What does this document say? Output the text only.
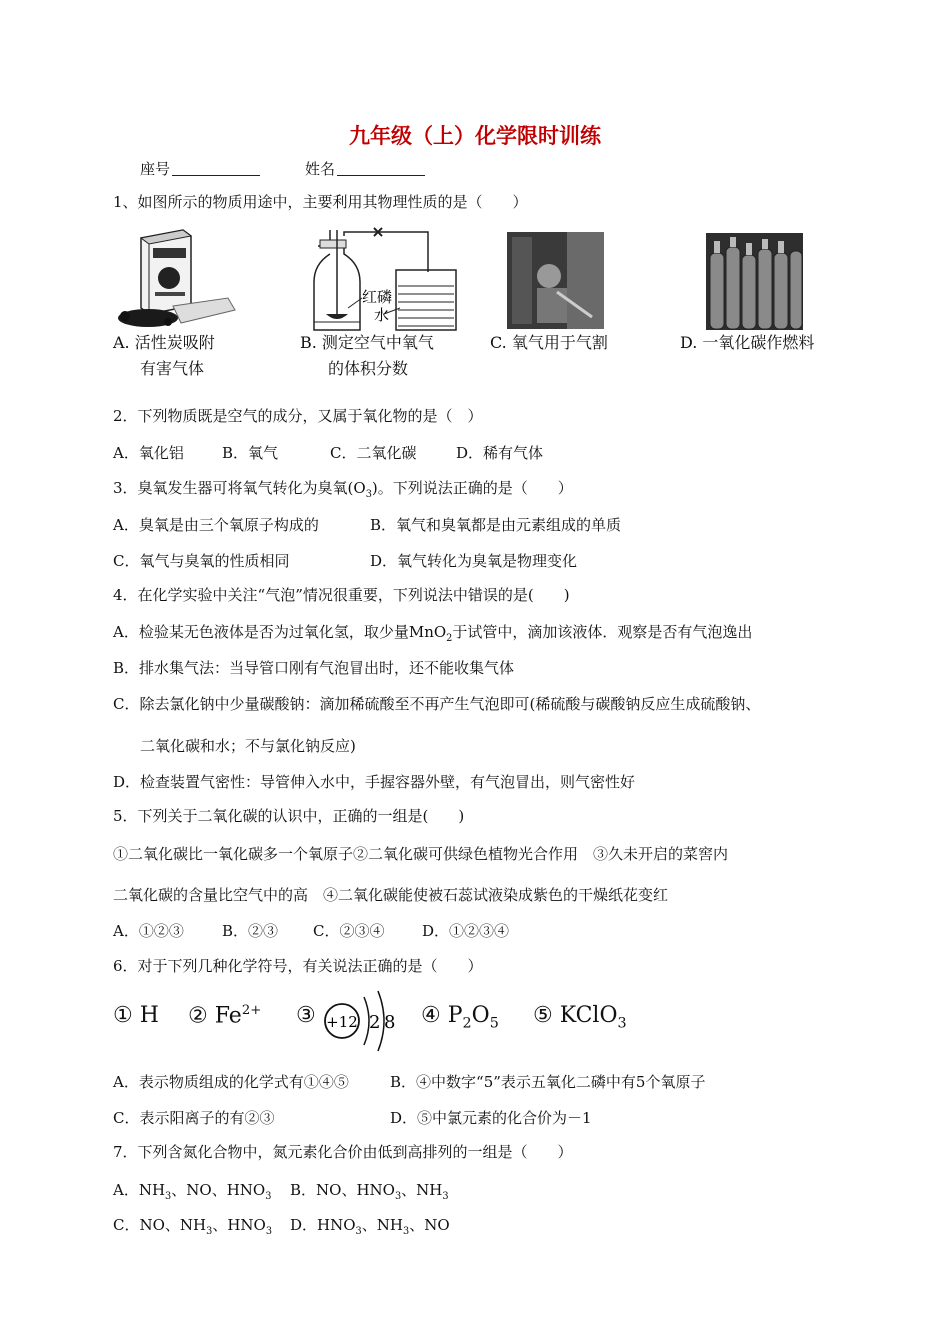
九年级（上）化学限时训练
座号	姓名
1、如图所示的物质用途中，主要利用其物理性质的是（　　）
红磷
水
A. 活性炭吸附
有害气体
B. 测定空气中氧气
的体积分数
C. 氧气用于气割	D. 一氧化碳作燃料
2．下列物质既是空气的成分，又属于氧化物的是（　）
A．氧化铝	B．氧气	C．二氧化碳	D．稀有气体
3．臭氧发生器可将氧气转化为臭氧$(O_3)$。下列说法正确的是（　　）
A．臭氧是由三个氧原子构成的	B．氧气和臭氧都是由元素组成的单质
C．氧气与臭氧的性质相同	D．氧气转化为臭氧是物理变化
4．在化学实验中关注“气泡”情况很重要，下列说法中错误的是(　　)
A．检验某无色液体是否为过氧化氢，取少量MnO$_2$于试管中，滴加该液体．观察是否有气泡逸出
B．排水集气法：当导管口刚有气泡冒出时，还不能收集气体
C．除去氯化钠中少量碳酸钠：滴加稀硫酸至不再产生气泡即可(稀硫酸与碳酸钠反应生成硫酸钠、
二氧化碳和水；不与氯化钠反应)
D．检查装置气密性：导管伸入水中，手握容器外壁，有气泡冒出，则气密性好
5．下列关于二氧化碳的认识中，正确的一组是(　　)
①二氧化碳比一氧化碳多一个氧原子②二氧化碳可供绿色植物光合作用　③久未开启的菜窖内
二氧化碳的含量比空气中的高　④二氧化碳能使被石蕊试液染成紫色的干燥纸花变红
A．①②③	B．②③ C．②③④	D．①②③④
6．对于下列几种化学符号，有关说法正确的是（　　）
① H ② $Fe^{2+}$ ③	④ $P_2O_5$ ⑤ KClO$_3$
+12 2 8
A．表示物质组成的化学式有①④⑤	B．④中数字“5”表示五氧化二磷中有5个氧原子
C．表示阳离子的有②③	D．⑤中氯元素的化合价为－1
7．下列含氮化合物中，氮元素化合价由低到高排列的一组是（　　）
A．$NH_3$、NO、$HNO_3$ B．NO、$HNO_3$、$NH_3$
C．NO、$NH_3$、$HNO_3$ D．$HNO_3$、$NH_3$、NO
